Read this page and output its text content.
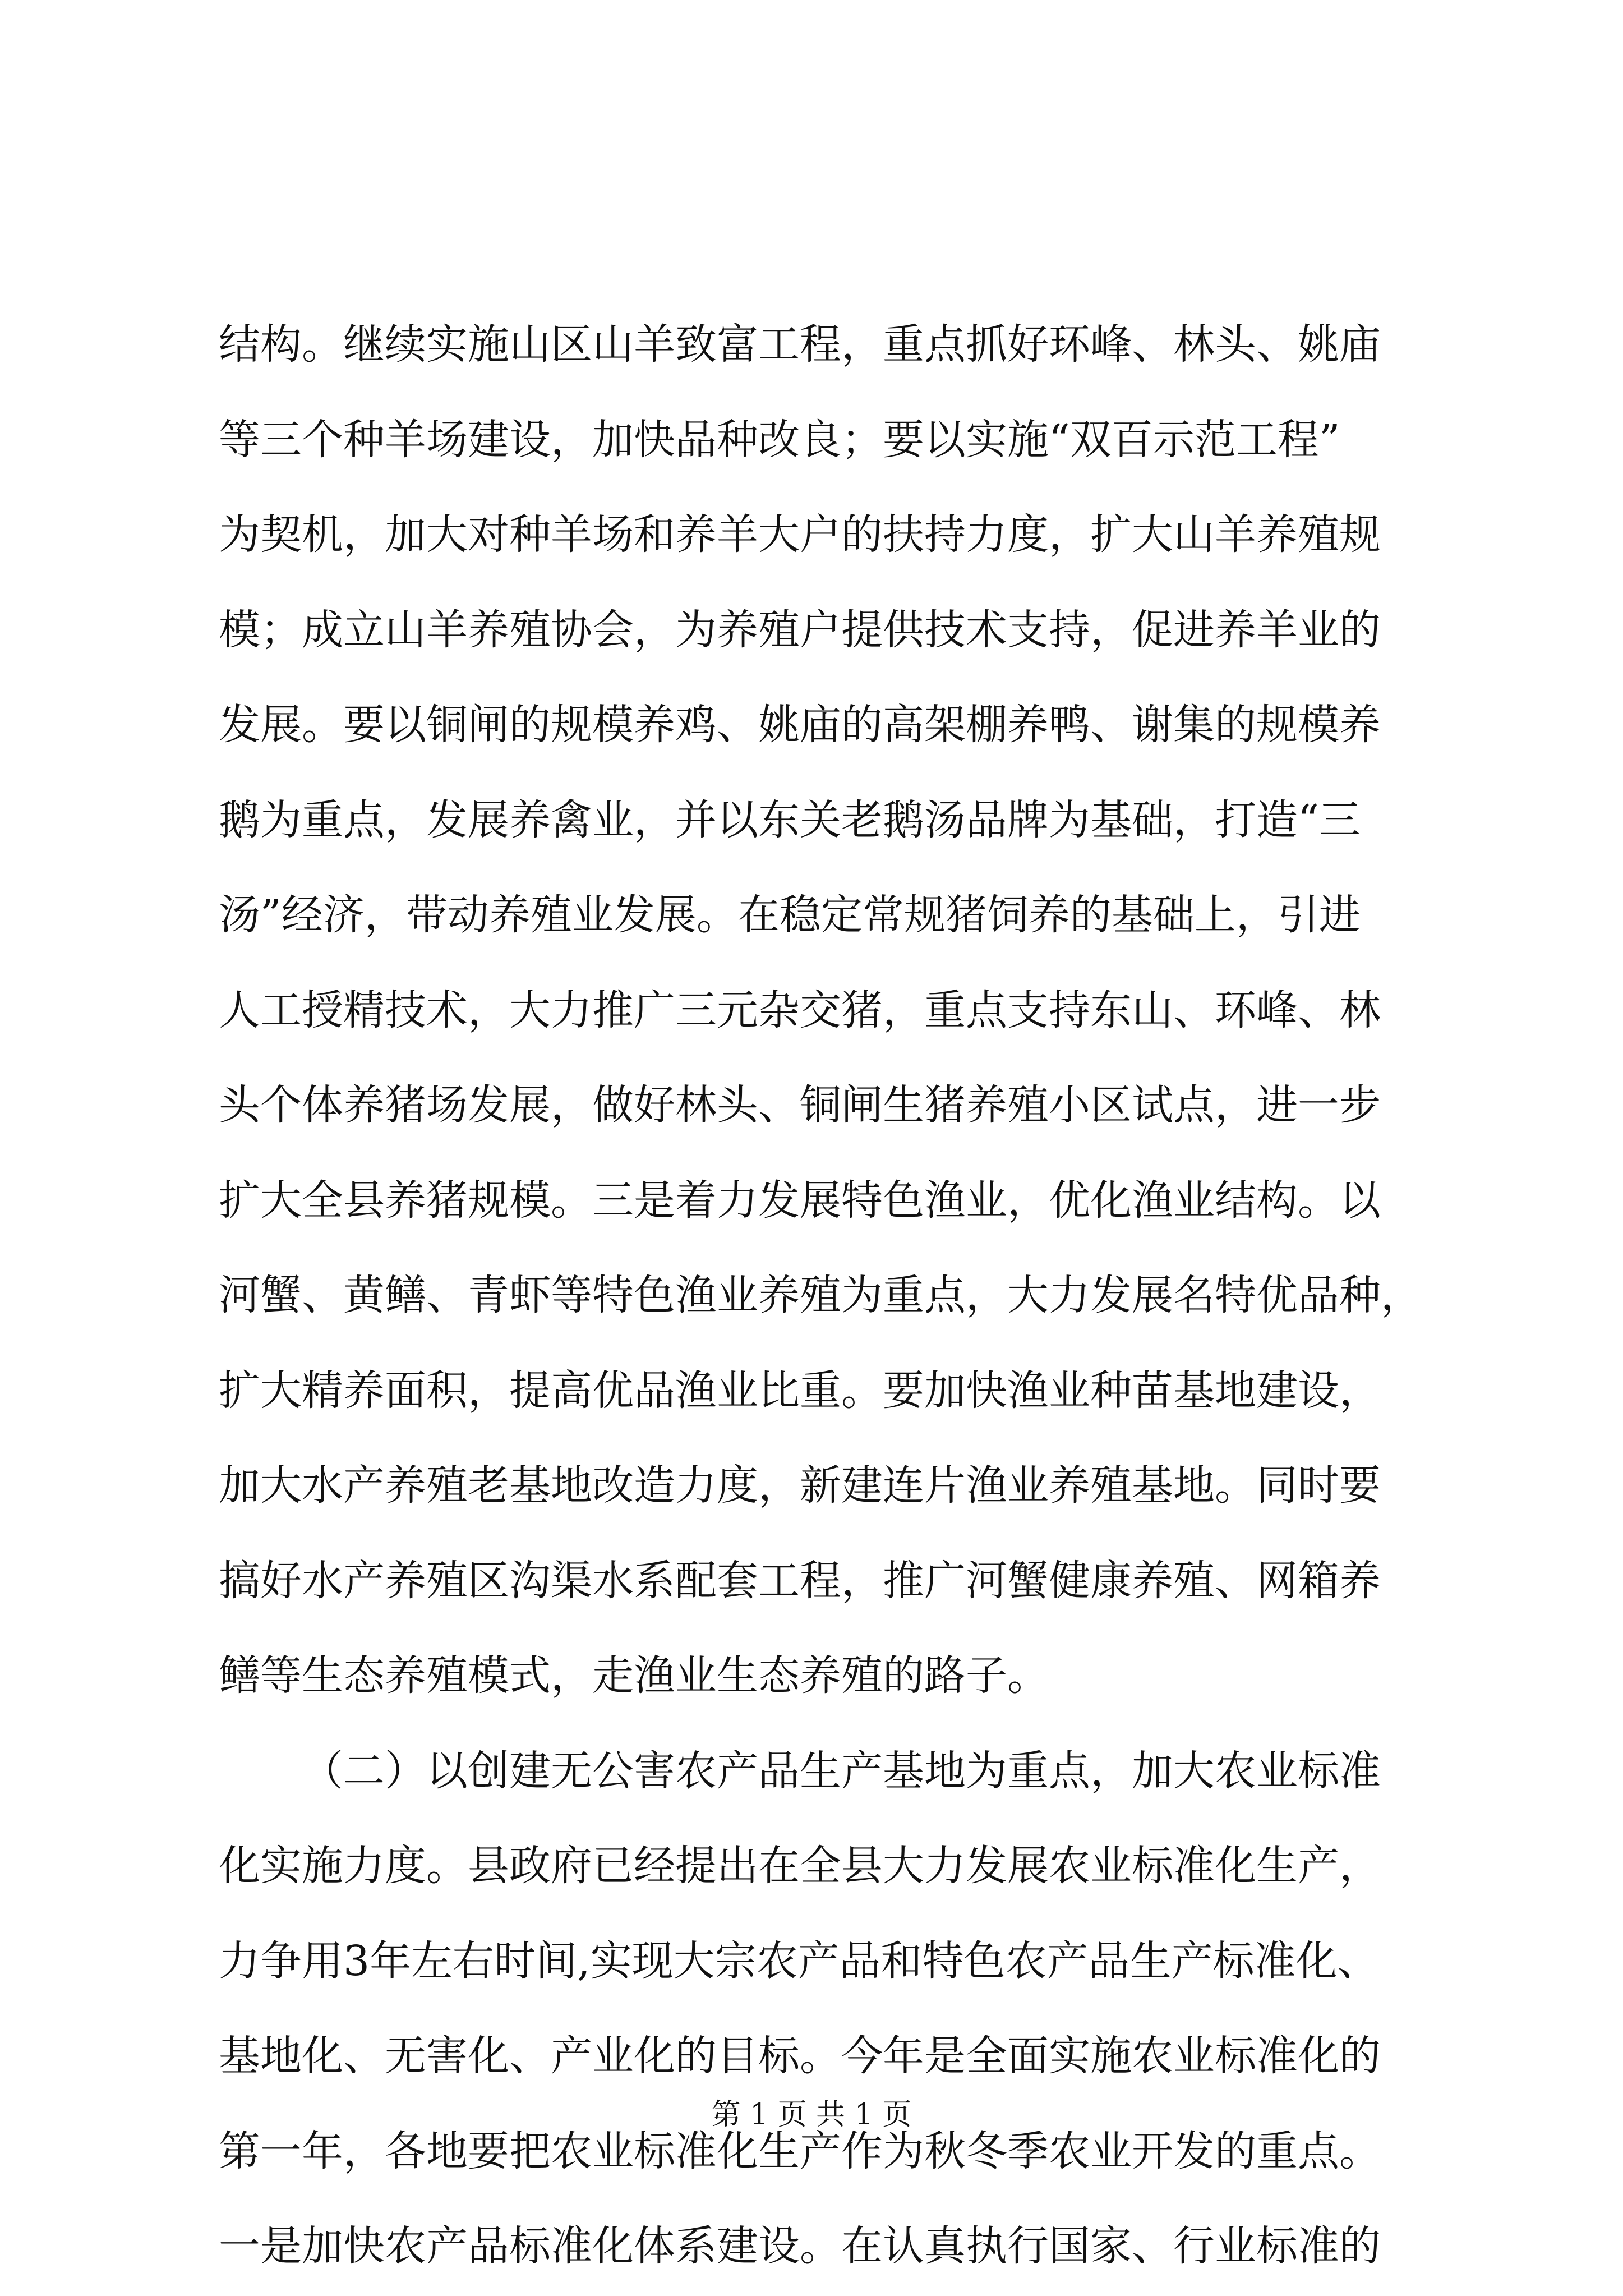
结构。继续实施山区山羊致富工程，重点抓好环峰、林头、姚庙
等三个种羊场建设，加快品种改良；要以实施“双百示范工程”
为契机，加大对种羊场和养羊大户的扶持力度，扩大山羊养殖规
模；成立山羊养殖协会，为养殖户提供技术支持，促进养羊业的
发展。要以铜闸的规模养鸡、姚庙的高架棚养鸭、谢集的规模养
鹅为重点，发展养禽业，并以东关老鹅汤品牌为基础，打造“三
汤”经济，带动养殖业发展。在稳定常规猪饲养的基础上，引进
人工授精技术，大力推广三元杂交猪，重点支持东山、环峰、林
头个体养猪场发展，做好林头、铜闸生猪养殖小区试点，进一步
扩大全县养猪规模。三是着力发展特色渔业，优化渔业结构。以
河蟹、黄鳝、青虾等特色渔业养殖为重点，大力发展名特优品种，
扩大精养面积，提高优品渔业比重。要加快渔业种苗基地建设，
加大水产养殖老基地改造力度，新建连片渔业养殖基地。同时要
搞好水产养殖区沟渠水系配套工程，推广河蟹健康养殖、网箱养
鳝等生态养殖模式，走渔业生态养殖的路子。
（二）以创建无公害农产品生产基地为重点，加大农业标准
化实施力度。县政府已经提出在全县大力发展农业标准化生产，
力争用3年左右时间,实现大宗农产品和特色农产品生产标准化、
基地化、无害化、产业化的目标。今年是全面实施农业标准化的
第一年，各地要把农业标准化生产作为秋冬季农业开发的重点。
一是加快农产品标准化体系建设。在认真执行国家、行业标准的
第 1 页 共 1 页
